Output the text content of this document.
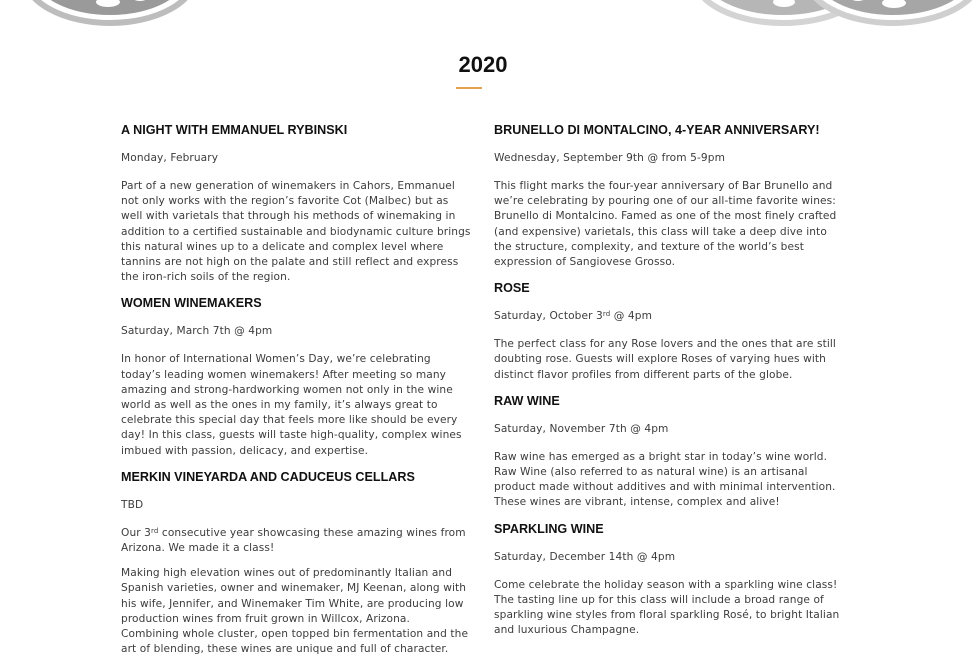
2020
A NIGHT WITH EMMANUEL RYBINSKI

Monday, February

Part of a new generation of winemakers in Cahors, Emmanuel not only works with the region’s favorite Cot (Malbec) but as well with varietals that through his methods of winemaking in addition to a certified sustainable and biodynamic culture brings this natural wines up to a delicate and complex level where tannins are not high on the palate and still reflect and express the iron-rich soils of the region.

WOMEN WINEMAKERS

Saturday, March 7th @ 4pm

In honor of International Women’s Day, we’re celebrating today’s leading women winemakers! After meeting so many amazing and strong-hardworking women not only in the wine world as well as the ones in my family, it’s always great to celebrate this special day that feels more like should be every day! In this class, guests will taste high-quality, complex wines imbued with passion, delicacy, and expertise.

MERKIN VINEYARDA AND CADUCEUS CELLARS

TBD

Our 3rd consecutive year showcasing these amazing wines from Arizona. We made it a class!

Making high elevation wines out of predominantly Italian and Spanish varieties, owner and winemaker, MJ Keenan, along with his wife, Jennifer, and Winemaker Tim White, are producing low production wines from fruit grown in Willcox, Arizona. Combining whole cluster, open topped bin fermentation and the art of blending, these wines are unique and full of character.

BRUNELLO DI MONTALCINO, 4-YEAR ANNIVERSARY!

Wednesday, September 9th @ from 5-9pm

This flight marks the four-year anniversary of Bar Brunello and we’re celebrating by pouring one of our all-time favorite wines: Brunello di Montalcino. Famed as one of the most finely crafted (and expensive) varietals, this class will take a deep dive into the structure, complexity, and texture of the world’s best expression of Sangiovese Grosso.

ROSE

Saturday, October 3rd @ 4pm

The perfect class for any Rose lovers and the ones that are still doubting rose. Guests will explore Roses of varying hues with distinct flavor profiles from different parts of the globe.

RAW WINE

Saturday, November 7th @ 4pm

Raw wine has emerged as a bright star in today’s wine world. Raw Wine (also referred to as natural wine) is an artisanal product made without additives and with minimal intervention. These wines are vibrant, intense, complex and alive!

SPARKLING WINE

Saturday, December 14th @ 4pm

Come celebrate the holiday season with a sparkling wine class! The tasting line up for this class will include a broad range of sparkling wine styles from floral sparkling Rosé, to bright Italian and luxurious Champagne.
